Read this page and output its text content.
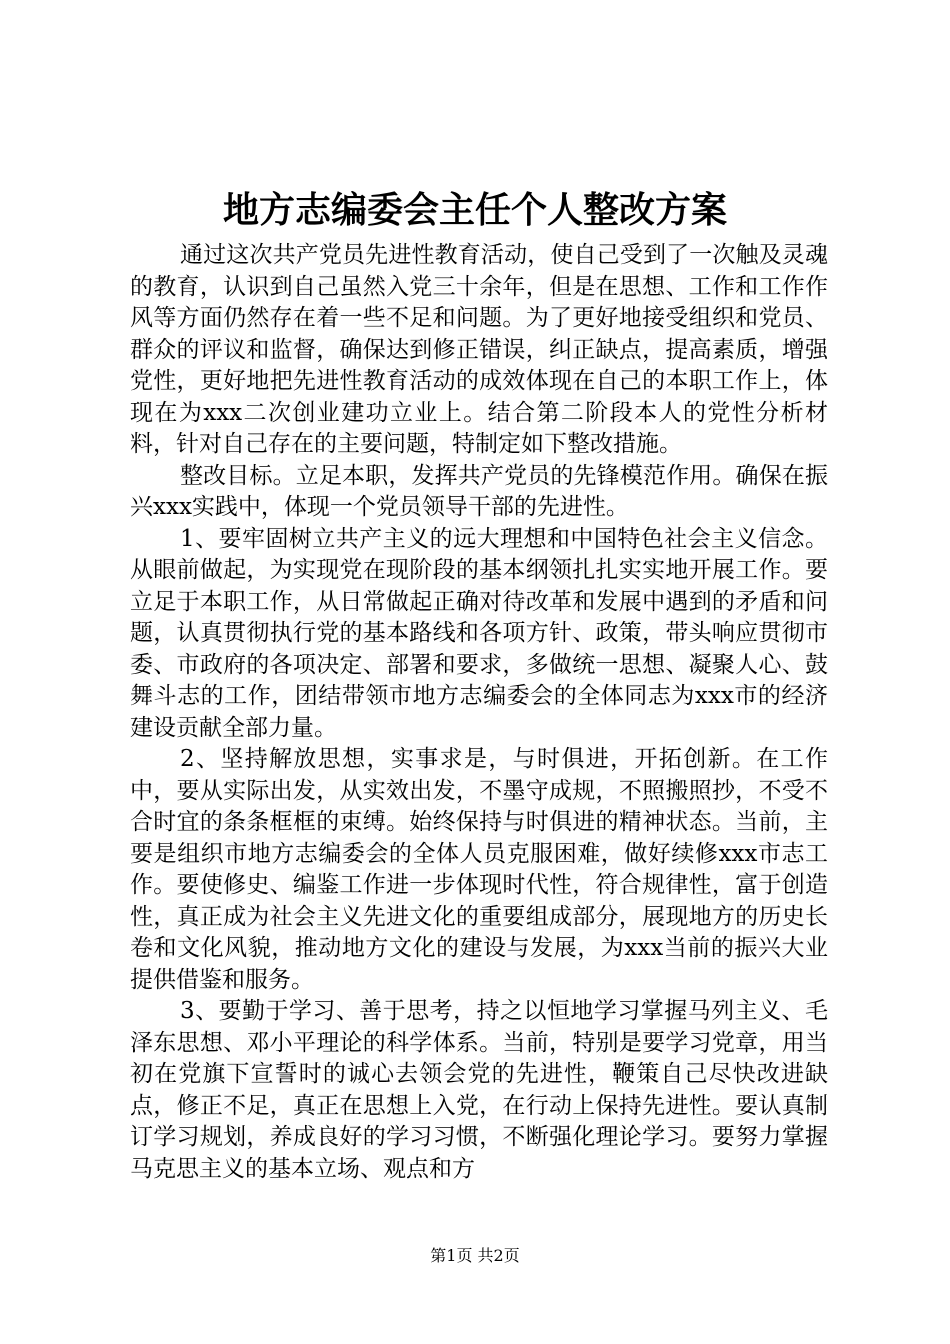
地方志编委会主任个人整改方案

通过这次共产党员先进性教育活动，使自己受到了一次触及灵魂的教育，认识到自己虽然入党三十余年，但是在思想、工作和工作作风等方面仍然存在着一些不足和问题。为了更好地接受组织和党员、群众的评议和监督，确保达到修正错误，纠正缺点，提高素质，增强党性，更好地把先进性教育活动的成效体现在自己的本职工作上，体现在为xxx二次创业建功立业上。结合第二阶段本人的党性分析材料，针对自己存在的主要问题，特制定如下整改措施。

整改目标。立足本职，发挥共产党员的先锋模范作用。确保在振兴xxx实践中，体现一个党员领导干部的先进性。

1、要牢固树立共产主义的远大理想和中国特色社会主义信念。从眼前做起，为实现党在现阶段的基本纲领扎扎实实地开展工作。要立足于本职工作，从日常做起正确对待改革和发展中遇到的矛盾和问题，认真贯彻执行党的基本路线和各项方针、政策，带头响应贯彻市委、市政府的各项决定、部署和要求，多做统一思想、凝聚人心、鼓舞斗志的工作，团结带领市地方志编委会的全体同志为xxx市的经济建设贡献全部力量。

2、坚持解放思想，实事求是，与时俱进，开拓创新。在工作中，要从实际出发，从实效出发，不墨守成规，不照搬照抄，不受不合时宜的条条框框的束缚。始终保持与时俱进的精神状态。当前，主要是组织市地方志编委会的全体人员克服困难，做好续修xxx市志工作。要使修史、编鉴工作进一步体现时代性，符合规律性，富于创造性，真正成为社会主义先进文化的重要组成部分，展现地方的历史长卷和文化风貌，推动地方文化的建设与发展，为xxx当前的振兴大业提供借鉴和服务。

3、要勤于学习、善于思考，持之以恒地学习掌握马列主义、毛泽东思想、邓小平理论的科学体系。当前，特别是要学习党章，用当初在党旗下宣誓时的诚心去领会党的先进性，鞭策自己尽快改进缺点，修正不足，真正在思想上入党，在行动上保持先进性。要认真制订学习规划，养成良好的学习习惯，不断强化理论学习。要努力掌握马克思主义的基本立场、观点和方

第1页 共2页
